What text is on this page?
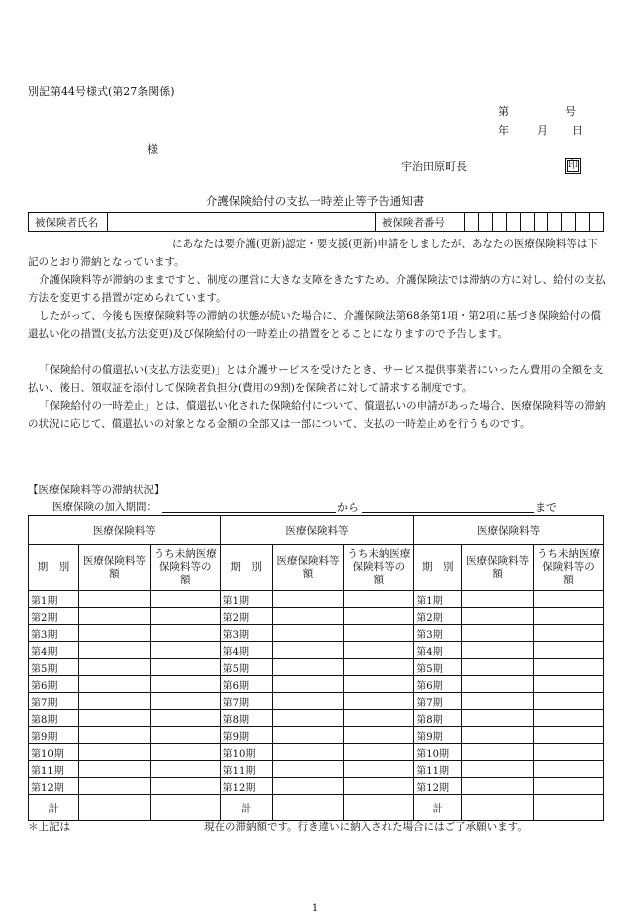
別記第44号様式(第27条関係)
第	号
年	月 日
様
宇治田原町長	印
介護保険給付の支払一時差止等予告通知書
被保険者氏名		被保険者番号										
にあなたは要介護(更新)認定・要支援(更新)申請をしましたが、あなたの医療保険料等は下記のとおり滞納となっています。
介護保険料等が滞納のままですと、制度の運営に大きな支障をきたすため、介護保険法では滞納の方に対し、給付の支払方法を変更する措置が定められています。
したがって、今後も医療保険料等の滞納の状態が続いた場合に、介護保険法第68条第1項・第2項に基づき保険給付の償還払い化の措置(支払方法変更)及び保険給付の一時差止の措置をとることになりますので予告します。
「保険給付の償還払い(支払方法変更)」とは介護サービスを受けたとき、サービス提供事業者にいったん費用の全額を支払い、後日、領収証を添付して保険者負担分(費用の9割)を保険者に対して請求する制度です。
「保険給付の一時差止」とは、償還払い化された保険給付について、償還払いの申請があった場合、医療保険料等の滞納の状況に応じて、償還払いの対象となる金額の全部又は一部について、支払の一時差止めを行うものです。
【医療保険料等の滞納状況】
医療保険の加入期間：	から	まで
医療保険料等			医療保険料等			医療保険料等		
期　別	医療保険料等　　額	うち未納医療保険料等の　　額	期　別	医療保険料等　　額	うち未納医療保険料等の　　額	期　別	医療保険料等　　額	うち未納医療保険料等の　　額
第1期			第1期			第1期		
第2期			第2期			第2期		
第3期			第3期			第3期		
第4期			第4期			第4期		
第5期			第5期			第5期		
第6期			第6期			第6期		
第7期			第7期			第7期		
第8期			第8期			第8期		
第9期			第9期			第9期		
第10期			第10期			第10期		
第11期			第11期			第11期		
第12期			第12期			第12期		
計			計			計		
＊上記は	現在の滞納額です。行き違いに納入された場合にはご了承願います。
1
